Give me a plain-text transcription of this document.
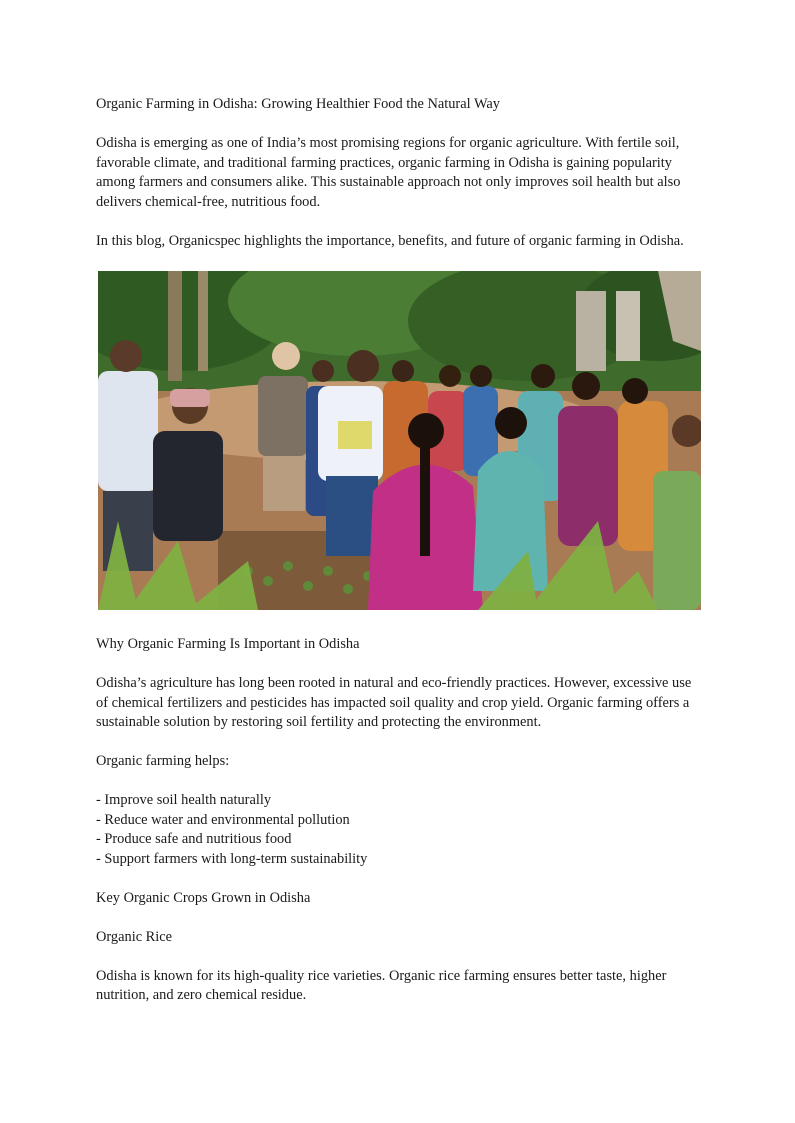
Organic Farming in Odisha: Growing Healthier Food the Natural Way

Odisha is emerging as one of India’s most promising regions for organic agriculture. With fertile soil, favorable climate, and traditional farming practices, organic farming in Odisha is gaining popularity among farmers and consumers alike. This sustainable approach not only improves soil health but also delivers chemical-free, nutritious food.

In this blog, Organicspec highlights the importance, benefits, and future of organic farming in Odisha.

Why Organic Farming Is Important in Odisha

Odisha’s agriculture has long been rooted in natural and eco-friendly practices. However, excessive use of chemical fertilizers and pesticides has impacted soil quality and crop yield. Organic farming offers a sustainable solution by restoring soil fertility and protecting the environment.

Organic farming helps:

- Improve soil health naturally
- Reduce water and environmental pollution
- Produce safe and nutritious food
- Support farmers with long-term sustainability

Key Organic Crops Grown in Odisha

Organic Rice

Odisha is known for its high-quality rice varieties. Organic rice farming ensures better taste, higher nutrition, and zero chemical residue.
